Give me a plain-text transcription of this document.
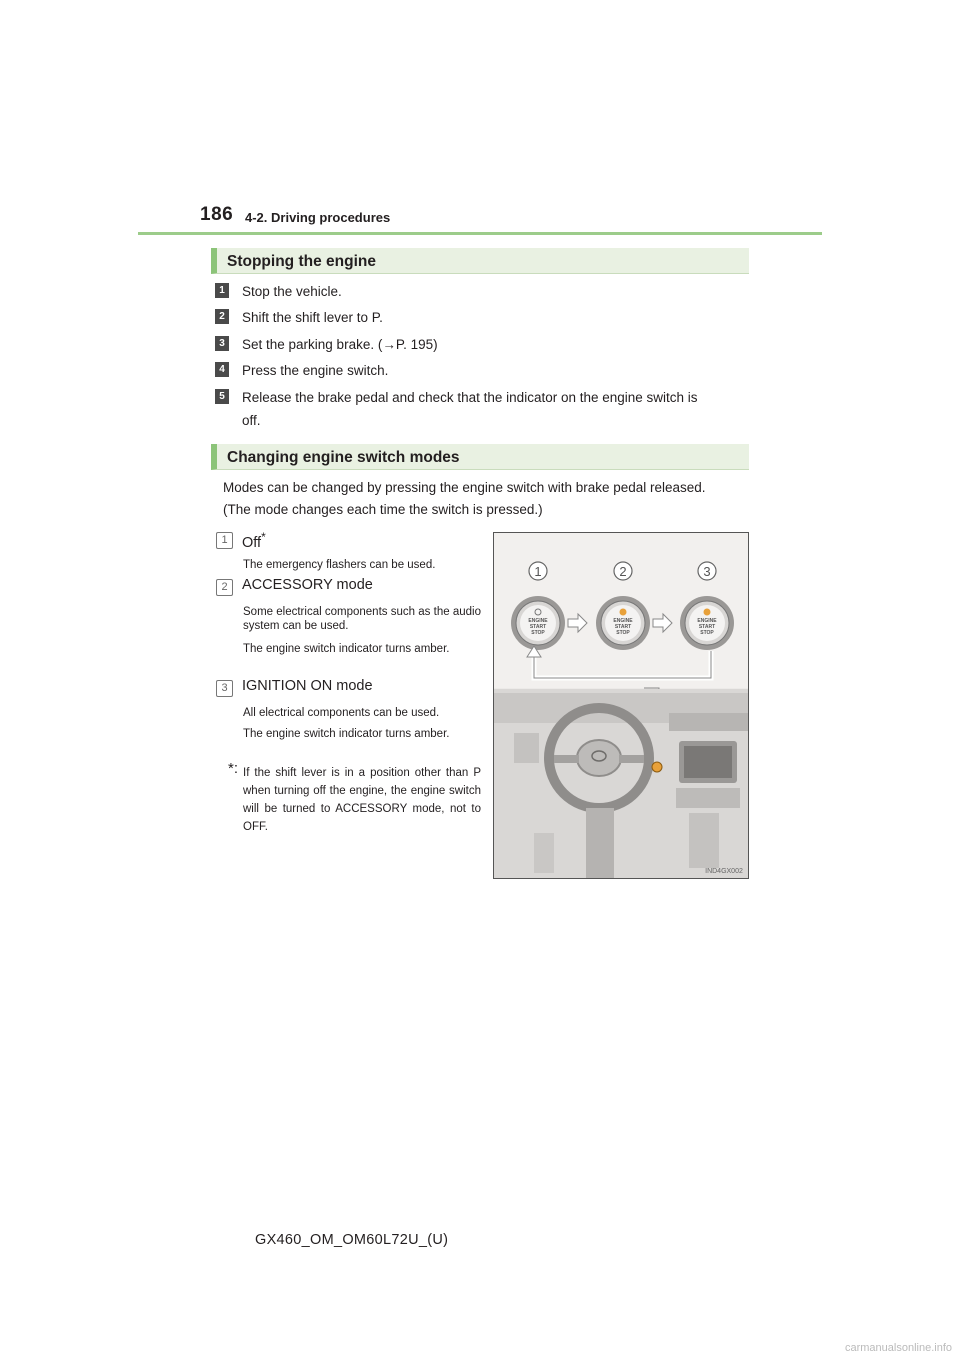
186 4-2. Driving procedures
Stopping the engine
1	Stop the vehicle.
2	Shift the shift lever to P.
3	Set the parking brake. (→P. 195)
4	Press the engine switch.
5	Release the brake pedal and check that the indicator on the engine switch is
off.
Changing engine switch modes
Modes can be changed by pressing the engine switch with brake pedal released.
(The mode changes each time the switch is pressed.)
1 Off*
The emergency flashers can be used.
2 ACCESSORY mode
Some electrical components such as the audio system can be used.
The engine switch indicator turns amber.
3 IGNITION ON mode
All electrical components can be used.
The engine switch indicator turns amber.
*: If the shift lever is in a position other than P when turning off the engine, the engine switch will be turned to ACCESSORY mode, not to OFF.
1	2	3
ENGINE
START
STOP
ENGINE
START
STOP
ENGINE
START
STOP
IND4GX002
GX460_OM_OM60L72U_(U)
carmanualsonline.info
